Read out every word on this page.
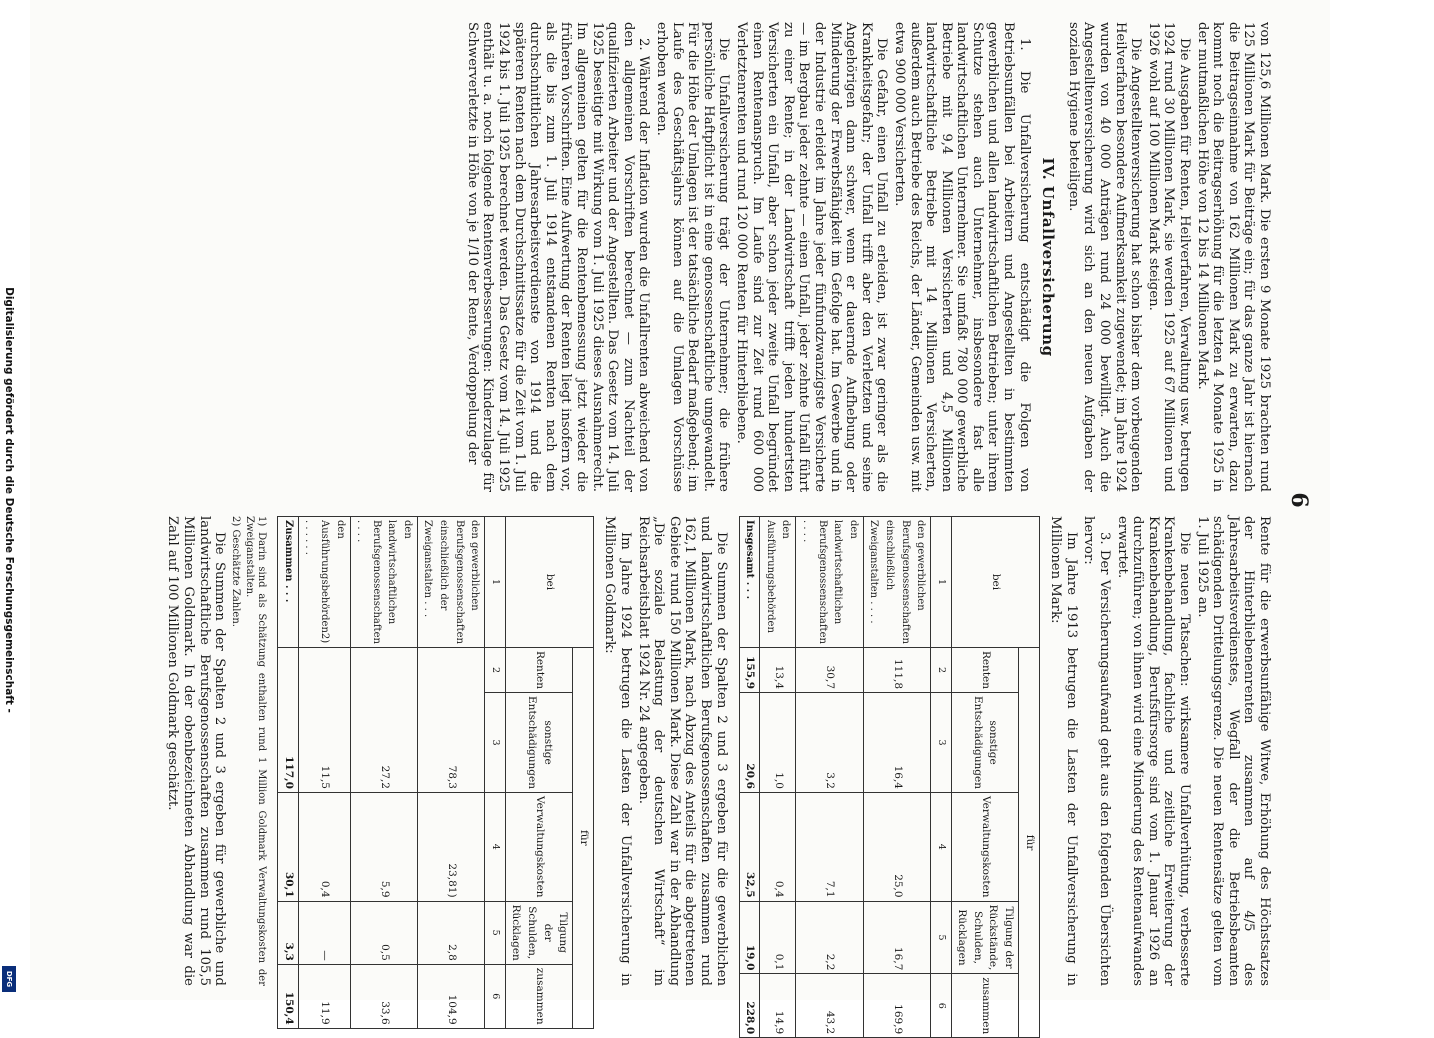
6

von 125,6 Millionen Mark. Die ersten 9 Monate 1925 brachten rund 125 Millionen Mark für Beiträge ein; für das ganze Jahr ist hiernach die Beitragseinnahme von 162 Millionen Mark zu erwarten, dazu kommt noch die Beitragserhöhung für die letzten 4 Monate 1925 in der mutmaßlichen Höhe von 12 bis 14 Millionen Mark.

Die Ausgaben für Renten, Heilverfahren, Verwaltung usw. betrugen 1924 rund 30 Millionen Mark, sie werden 1925 auf 67 Millionen und 1926 wohl auf 100 Millionen Mark steigen.

Die Angestelltenversicherung hat schon bisher dem vorbeugenden Heilverfahren besondere Aufmerksamkeit zugewendet; im Jahre 1924 wurden von 40 000 Anträgen rund 24 000 bewilligt. Auch die Angestelltenversicherung wird sich an den neuen Aufgaben der sozialen Hygiene beteiligen.

IV. Unfallversicherung

1. Die Unfallversicherung entschädigt die Folgen von Betriebsunfällen bei Arbeitern und Angestellten in bestimmten gewerblichen und allen landwirtschaftlichen Betrieben; unter ihrem Schutze stehen auch Unternehmer, insbesondere fast alle landwirtschaftlichen Unternehmer. Sie umfaßt 780 000 gewerbliche Betriebe mit 9,4 Millionen Versicherten und 4,5 Millionen landwirtschaftliche Betriebe mit 14 Millionen Versicherten, außerdem auch Betriebe des Reichs, der Länder, Gemeinden usw. mit etwa 900 000 Versicherten.

Die Gefahr, einen Unfall zu erleiden, ist zwar geringer als die Krankheitsgefahr; der Unfall trifft aber den Verletzten und seine Angehörigen dann schwer, wenn er dauernde Aufhebung oder Minderung der Erwerbsfähigkeit im Gefolge hat. Im Gewerbe und in der Industrie erleidet im Jahre jeder fünfundzwanzigste Versicherte — im Bergbau jeder zehnte — einen Unfall, jeder zehnte Unfall führt zu einer Rente; in der Landwirtschaft trifft jeden hundertsten Versicherten ein Unfall, aber schon jeder zweite Unfall begründet einen Rentenanspruch. Im Laufe sind zur Zeit rund 600 000 Verletztenrenten und rund 120 000 Renten für Hinterbliebene.

Die Unfallversicherung trägt der Unternehmer; die frühere persönliche Haftpflicht ist in eine genossenschaftliche umgewandelt. Für die Höhe der Umlagen ist der tatsächliche Bedarf maßgebend; im Laufe des Geschäftsjahrs können auf die Umlagen Vorschüsse erhoben werden.

2. Während der Inflation wurden die Unfallrenten abweichend von den allgemeinen Vorschriften berechnet — zum Nachteil der qualifizierten Arbeiter und der Angestellten. Das Gesetz vom 14. Juli 1925 beseitigte mit Wirkung vom 1. Juli 1925 dieses Ausnahmerecht. Im allgemeinen gelten für die Rentenbemessung jetzt wieder die früheren Vorschriften. Eine Aufwertung der Renten liegt insofern vor, als die bis zum 1. Juli 1914 entstandenen Renten nach dem durchschnittlichen Jahresarbeitsverdienste von 1914 und die späteren Renten nach dem Durchschnittssatze für die Zeit vom 1. Juli 1924 bis 1. Juli 1925 berechnet werden. Das Gesetz vom 14. Juli 1925 enthält u. a. noch folgende Rentenverbesserungen: Kinderzulage für Schwerverletzte in Höhe von je 1/10 der Rente, Verdoppelung der

Rente für die erwerbsunfähige Witwe, Erhöhung des Höchstsatzes der Hinterbliebenenrenten zusammen auf 4/5 des Jahresarbeitsverdienstes, Wegfall der die Betriebsbeamten schädigenden Drittelungsgrenze. Die neuen Rentensätze gelten vom 1. Juli 1925 an.

Die neuen Tatsachen: wirksamere Unfallverhütung, verbesserte Krankenbehandlung, fachliche und zeitliche Erweiterung der Krankenbehandlung, Berufsfürsorge sind vom 1. Januar 1926 an durchzuführen; von ihnen wird eine Minderung des Rentenaufwandes erwartet.

3. Der Versicherungsaufwand geht aus den folgenden Übersichten hervor:

Im Jahre 1913 betrugen die Lasten der Unfallversicherung in Millionen Mark:

bei	für				
	Renten	sonstige Entschädigungen	Verwaltungskosten	Tilgung der Rückstände, Schulden, Rücklagen	zusammen
1	2	3	4	5	6
den gewerblichen Berufsgenossenschaften einschließlich Zweiganstalten . . . .	111,8	16,4	25,0	16,7	169,9
den landwirtschaftlichen Berufsgenossenschaften . . . .	30,7	3,2	7,1	2,2	43,2
den Ausführungsbehörden	13,4	1,0	0,4	0,1	14,9
Insgesamt . . .	155,9	20,6	32,5	19,0	228,0

Die Summen der Spalten 2 und 3 ergeben für die gewerblichen und landwirtschaftlichen Berufsgenossenschaften zusammen rund 162,1 Millionen Mark, nach Abzug des Anteils für die abgetretenen Gebiete rund 150 Millionen Mark. Diese Zahl war in der Abhandlung „Die soziale Belastung der deutschen Wirtschaft“ im Reichsarbeitsblatt 1924 Nr. 24 angegeben.

Im Jahre 1924 betrugen die Lasten der Unfallversicherung in Millionen Goldmark:

bei	für				
	Renten	sonstige Entschädigungen	Verwaltungskosten	Tilgung der Schulden, Rücklagen	zusammen
1	2	3	4	5	6
den gewerblichen Berufsgenossenschaften einschließlich der Zweiganstalten . . .	78,3		23,81)	2,8	104,9
den landwirtschaftlichen Berufsgenossenschaften . . . .	27,2		5,9	0,5	33,6
den Ausführungsbehörden2) . . . . . .	11,5		0,4	—	11,9
Zusammen . . .	117,0		30,1	3,3	150,4
1) Darin sind als Schätzung enthalten rund 1 Million Goldmark Verwaltungskosten der Zweiganstalten.
2) Geschätzte Zahlen.

Die Summen der Spalten 2 und 3 ergeben für gewerbliche und landwirtschaftliche Berufsgenossenschaften zusammen rund 105,5 Millionen Goldmark. In der obenbezeichneten Abhandlung war die Zahl auf 100 Millionen Goldmark geschätzt.

Digitalisierung gefördert durch die Deutsche Forschungsgemeinschaft -
DFG
